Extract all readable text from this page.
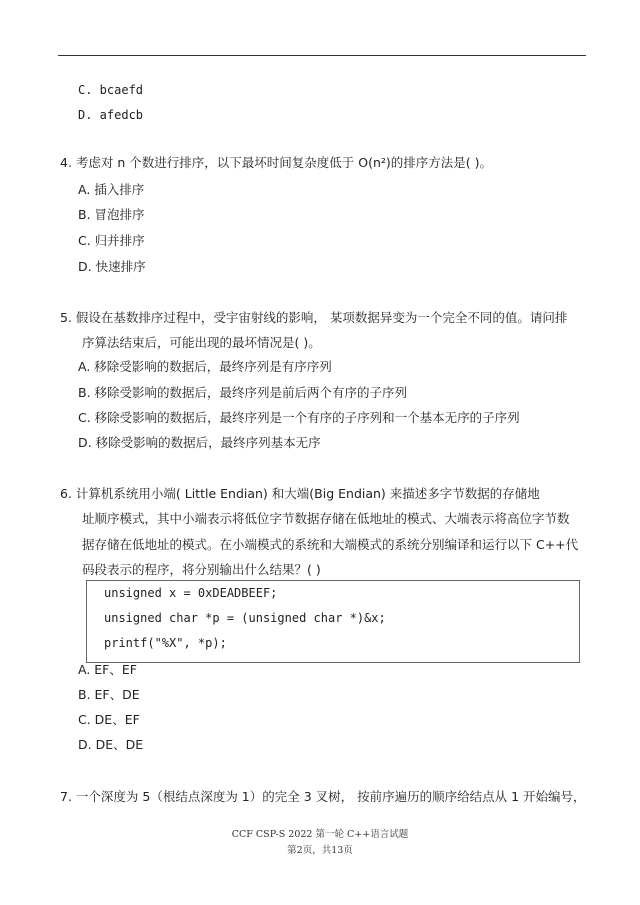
C. bcaefd
D. afedcb
4. 考虑对 n 个数进行排序，以下最坏时间复杂度低于 O(n²)的排序方法是( )。
A. 插入排序
B. 冒泡排序
C. 归并排序
D. 快速排序
5. 假设在基数排序过程中，受宇宙射线的影响， 某项数据异变为一个完全不同的值。请问排
序算法结束后，可能出现的最坏情况是( )。
A. 移除受影响的数据后，最终序列是有序序列
B. 移除受影响的数据后，最终序列是前后两个有序的子序列
C. 移除受影响的数据后，最终序列是一个有序的子序列和一个基本无序的子序列
D. 移除受影响的数据后，最终序列基本无序
6. 计算机系统用小端( Little Endian) 和大端(Big Endian) 来描述多字节数据的存储地
址顺序模式，其中小端表示将低位字节数据存储在低地址的模式、大端表示将高位字节数
据存储在低地址的模式。在小端模式的系统和大端模式的系统分别编译和运行以下 C++代
码段表示的程序，将分别输出什么结果？( )
unsigned x = 0xDEADBEEF;
unsigned char *p = (unsigned char *)&x;
printf("%X", *p);
A. EF、EF
B. EF、DE
C. DE、EF
D. DE、DE
7. 一个深度为 5（根结点深度为 1）的完全 3 叉树， 按前序遍历的顺序给结点从 1 开始编号，
CCF CSP-S 2022 第一轮 C++语言试题
第2页，共13页
